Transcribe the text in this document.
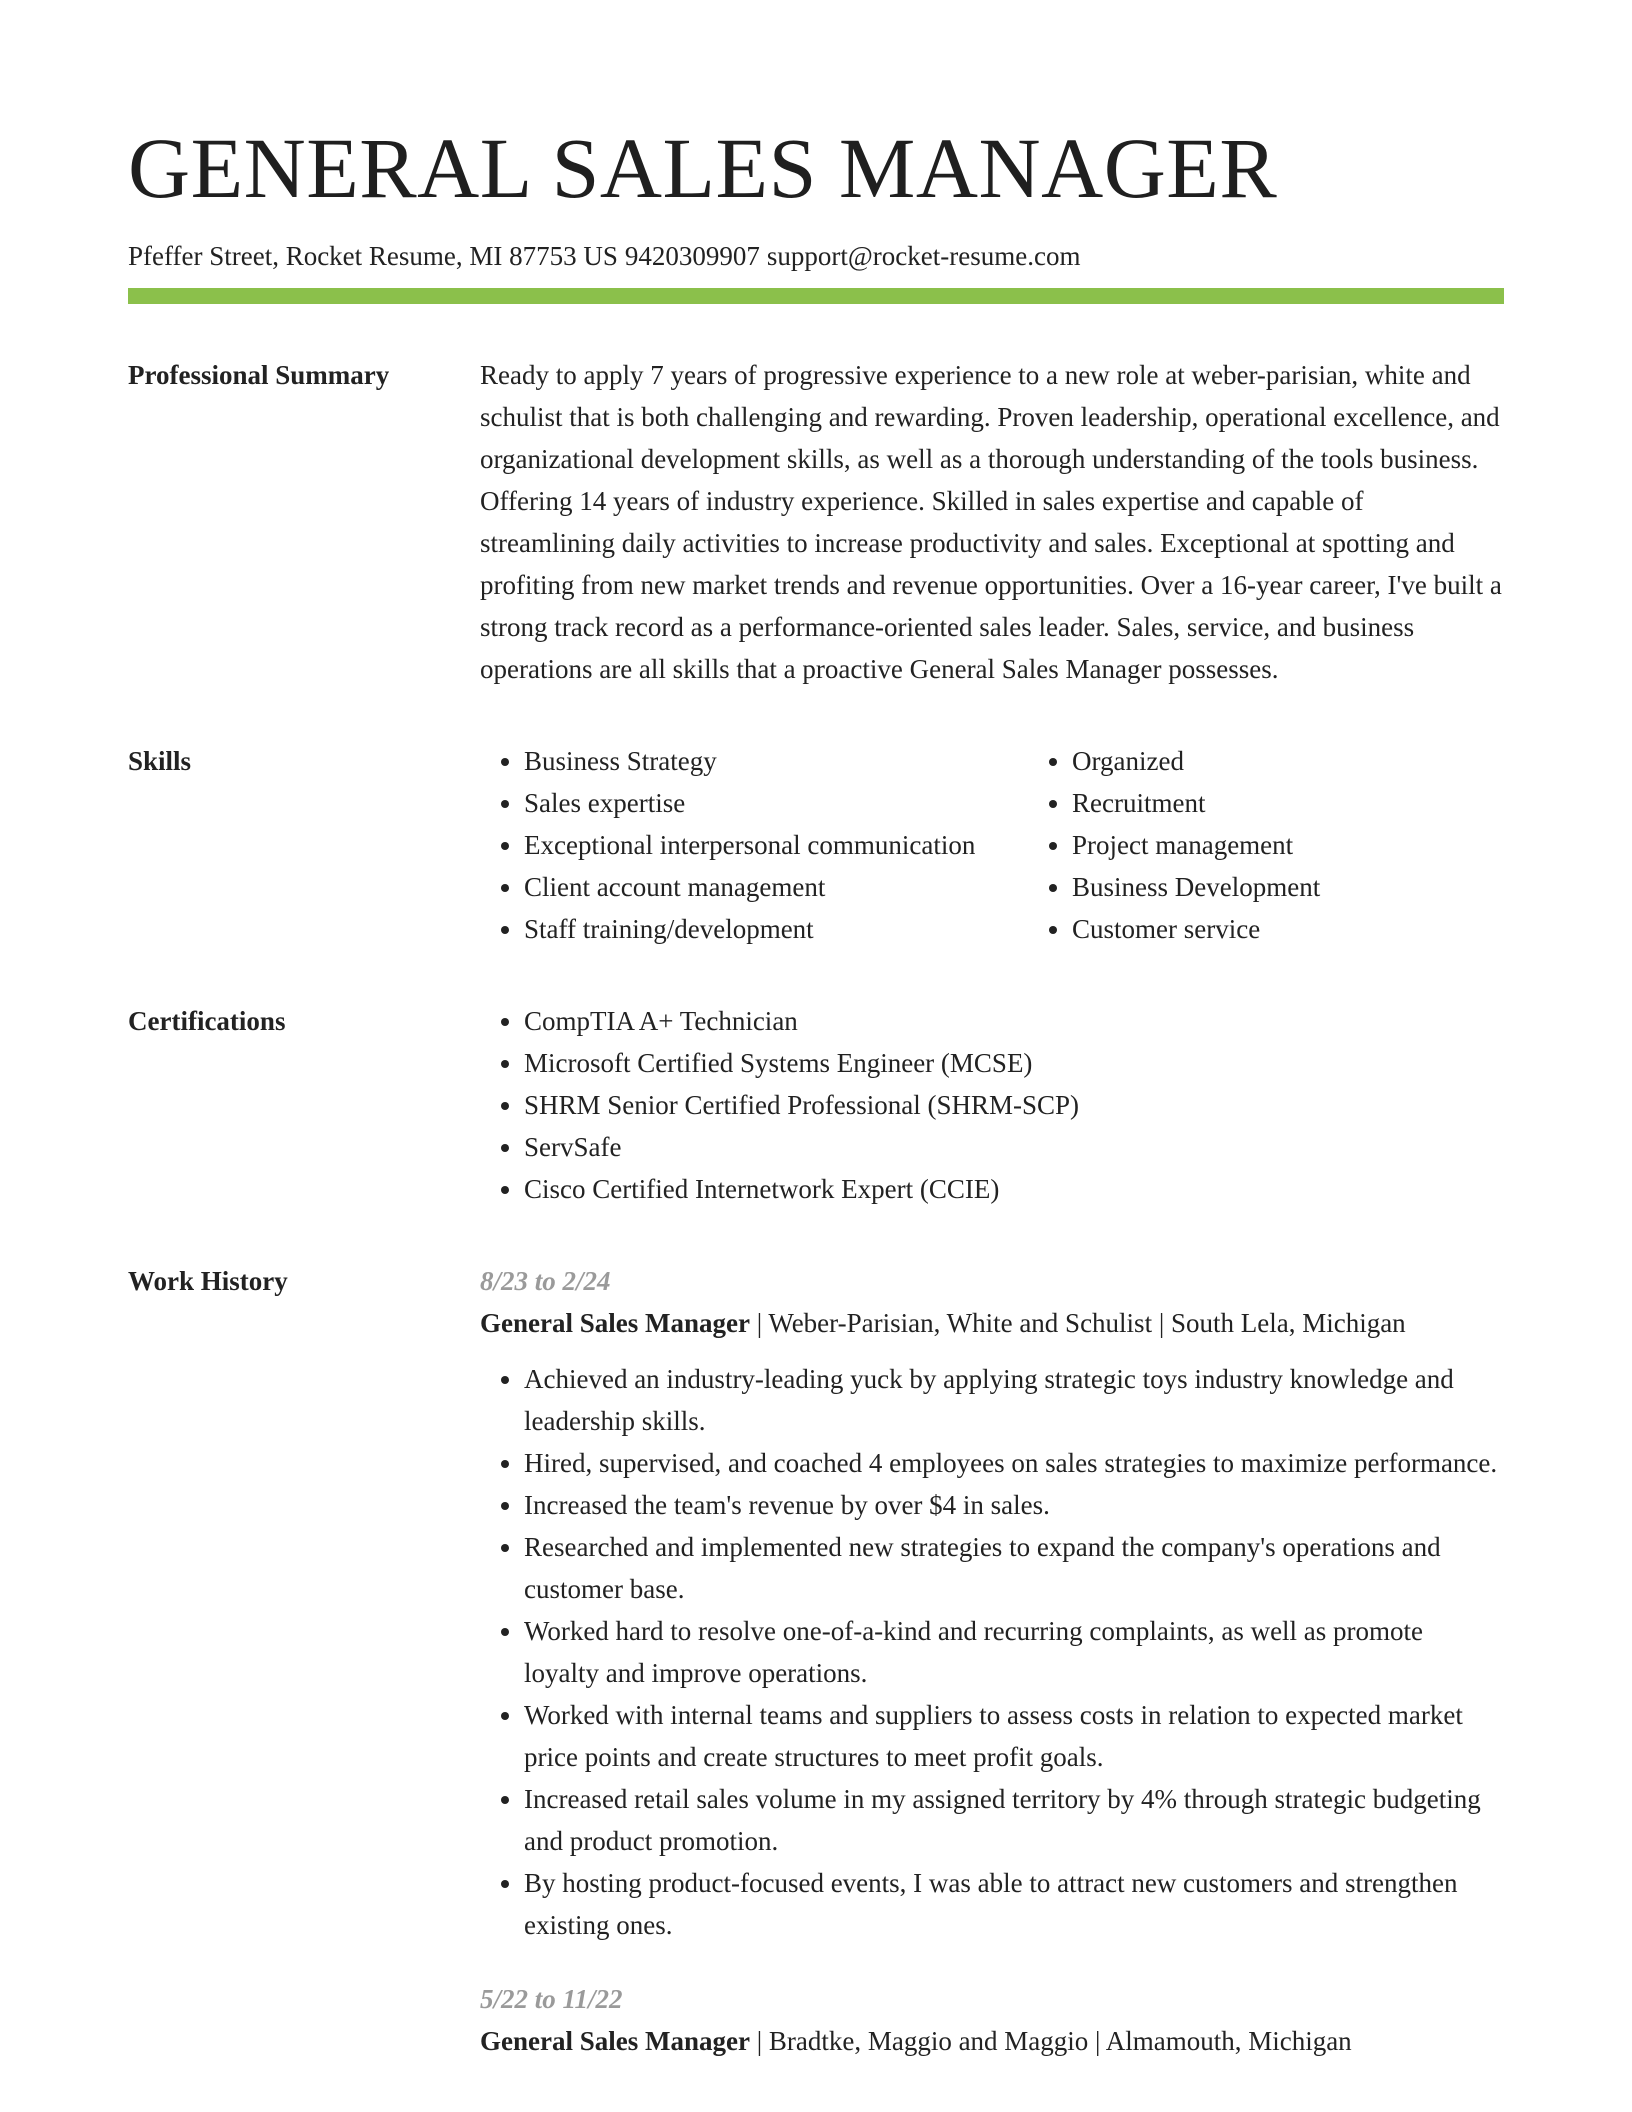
GENERAL SALES MANAGER
Pfeffer Street, Rocket Resume, MI 87753 US 9420309907 support@rocket-resume.com
Professional Summary	Ready to apply 7 years of progressive experience to a new role at weber-parisian, white and schulist that is both challenging and rewarding. Proven leadership, operational excellence, and organizational development skills, as well as a thorough understanding of the tools business. Offering 14 years of industry experience. Skilled in sales expertise and capable of streamlining daily activities to increase productivity and sales. Exceptional at spotting and profiting from new market trends and revenue opportunities. Over a 16-year career, I've built a strong track record as a performance-oriented sales leader. Sales, service, and business operations are all skills that a proactive General Sales Manager possesses.

Skills	• Business Strategy
• Sales expertise
• Exceptional interpersonal communication
• Client account management
• Staff training/development
• Organized
• Recruitment
• Project management
• Business Development
• Customer service
Certifications	• CompTIA A+ Technician
• Microsoft Certified Systems Engineer (MCSE)
• SHRM Senior Certified Professional (SHRM-SCP)
• ServSafe
• Cisco Certified Internetwork Expert (CCIE)
Work History	8/23 to 2/24
General Sales Manager | Weber-Parisian, White and Schulist | South Lela, Michigan
• Achieved an industry-leading yuck by applying strategic toys industry knowledge and leadership skills.
• Hired, supervised, and coached 4 employees on sales strategies to maximize performance.
• Increased the team's revenue by over $4 in sales.
• Researched and implemented new strategies to expand the company's operations and customer base.
• Worked hard to resolve one-of-a-kind and recurring complaints, as well as promote loyalty and improve operations.
• Worked with internal teams and suppliers to assess costs in relation to expected market price points and create structures to meet profit goals.
• Increased retail sales volume in my assigned territory by 4% through strategic budgeting and product promotion.
• By hosting product-focused events, I was able to attract new customers and strengthen existing ones.
5/22 to 11/22
General Sales Manager | Bradtke, Maggio and Maggio | Almamouth, Michigan
